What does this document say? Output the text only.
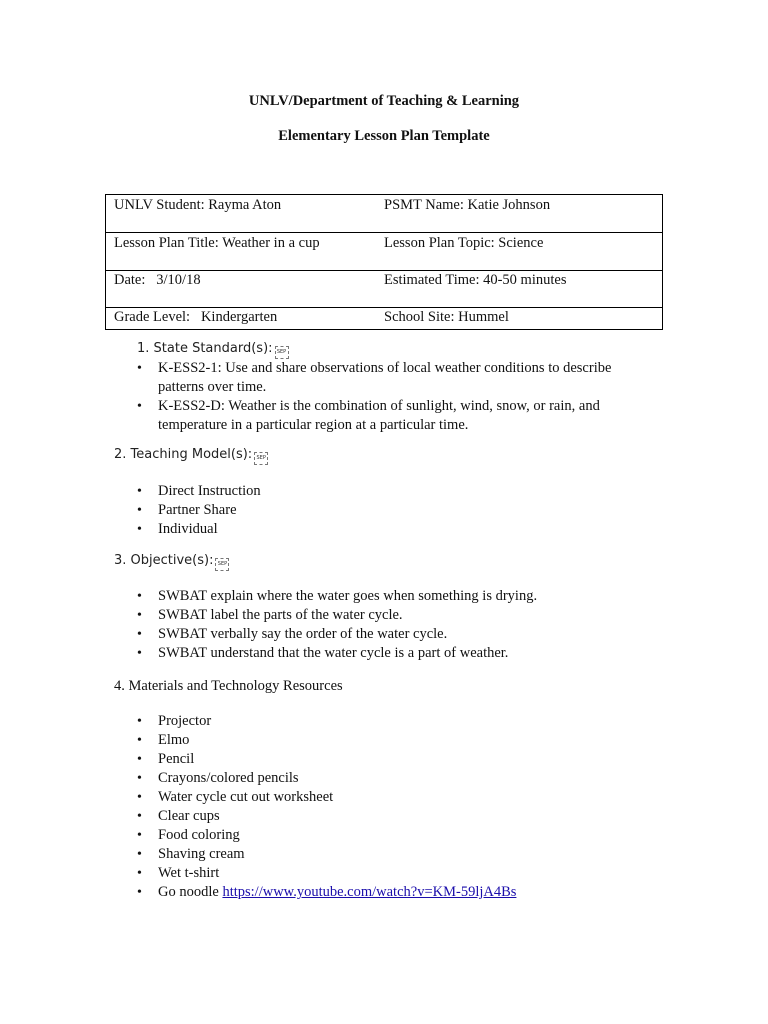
UNLV/Department of Teaching & Learning
Elementary Lesson Plan Template
UNLV Student: Rayma Aton	PSMT Name: Katie Johnson
Lesson Plan Title: Weather in a cup	Lesson Plan Topic: Science
Date:   3/10/18	Estimated Time: 40-50 minutes
Grade Level:   Kindergarten	School Site: Hummel
1. State Standard(s): SEP
• K-ESS2-1: Use and share observations of local weather conditions to describe patterns over time.
• K-ESS2-D: Weather is the combination of sunlight, wind, snow, or rain, and temperature in a particular region at a particular time.
2. Teaching Model(s): SEP
• Direct Instruction
• Partner Share
• Individual
3. Objective(s): SEP
• SWBAT explain where the water goes when something is drying.
• SWBAT label the parts of the water cycle.
• SWBAT verbally say the order of the water cycle.
• SWBAT understand that the water cycle is a part of weather.
4. Materials and Technology Resources
• Projector
• Elmo
• Pencil
• Crayons/colored pencils
• Water cycle cut out worksheet
• Clear cups
• Food coloring
• Shaving cream
• Wet t-shirt
• Go noodle https://www.youtube.com/watch?v=KM-59ljA4Bs
